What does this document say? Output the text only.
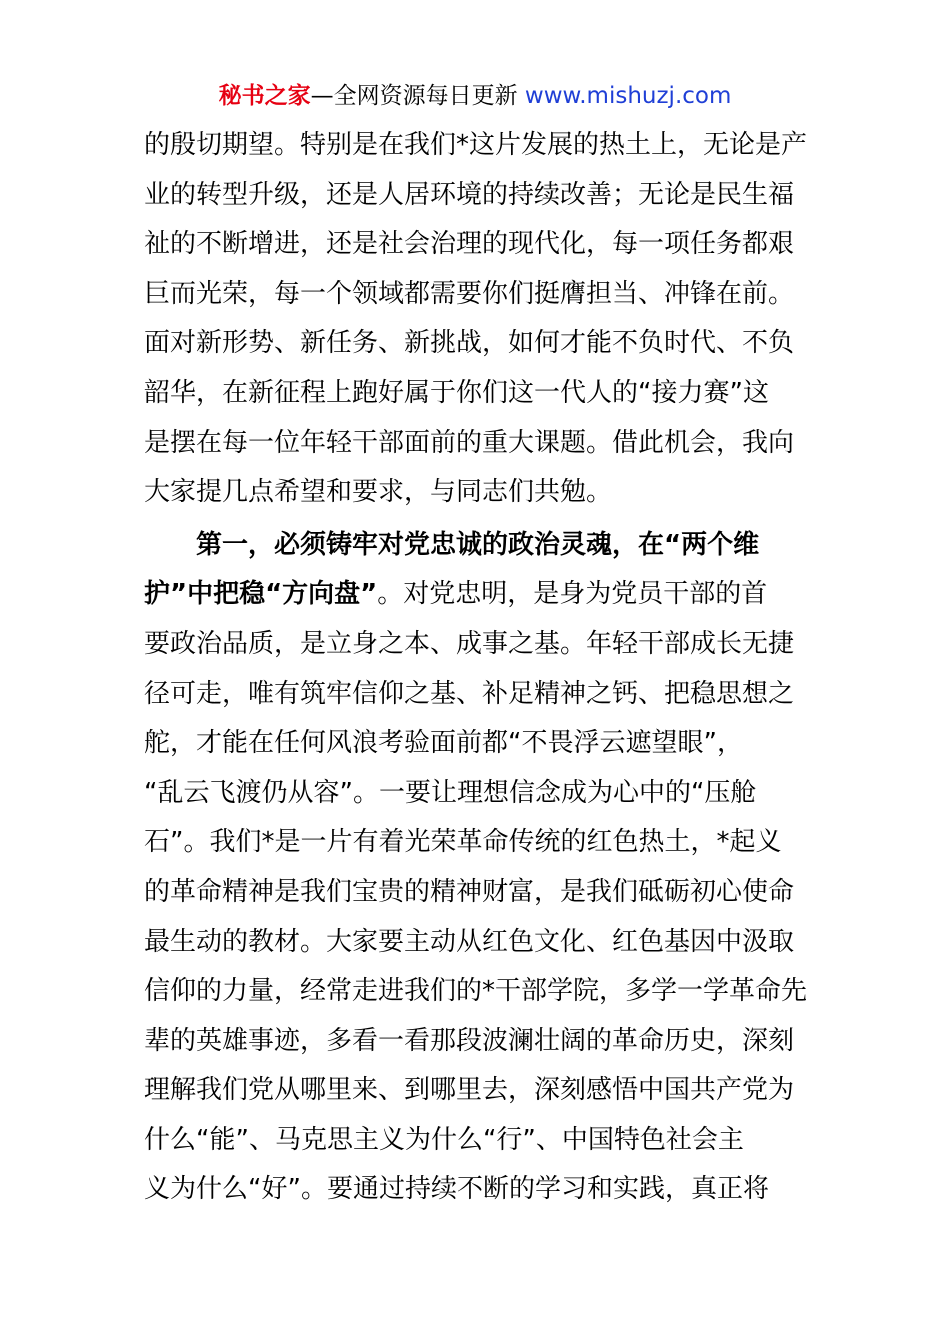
秘书之家—全网资源每日更新 www.mishuzj.com
的殷切期望。特别是在我们*这片发展的热土上，无论是产
业的转型升级，还是人居环境的持续改善；无论是民生福
祉的不断增进，还是社会治理的现代化，每一项任务都艰
巨而光荣，每一个领域都需要你们挺膺担当、冲锋在前。
面对新形势、新任务、新挑战，如何才能不负时代、不负
韶华，在新征程上跑好属于你们这一代人的“接力赛”这
是摆在每一位年轻干部面前的重大课题。借此机会，我向
大家提几点希望和要求，与同志们共勉。
第一，必须铸牢对党忠诚的政治灵魂，在“两个维
护”中把稳“方向盘”。对党忠明，是身为党员干部的首
要政治品质，是立身之本、成事之基。年轻干部成长无捷
径可走，唯有筑牢信仰之基、补足精神之钙、把稳思想之
舵，才能在任何风浪考验面前都“不畏浮云遮望眼”，
“乱云飞渡仍从容”。一要让理想信念成为心中的“压舱
石”。我们*是一片有着光荣革命传统的红色热土，*起义
的革命精神是我们宝贵的精神财富，是我们砥砺初心使命
最生动的教材。大家要主动从红色文化、红色基因中汲取
信仰的力量，经常走进我们的*干部学院，多学一学革命先
辈的英雄事迹，多看一看那段波澜壮阔的革命历史，深刻
理解我们党从哪里来、到哪里去，深刻感悟中国共产党为
什么“能”、马克思主义为什么“行”、中国特色社会主
义为什么“好”。要通过持续不断的学习和实践，真正将
